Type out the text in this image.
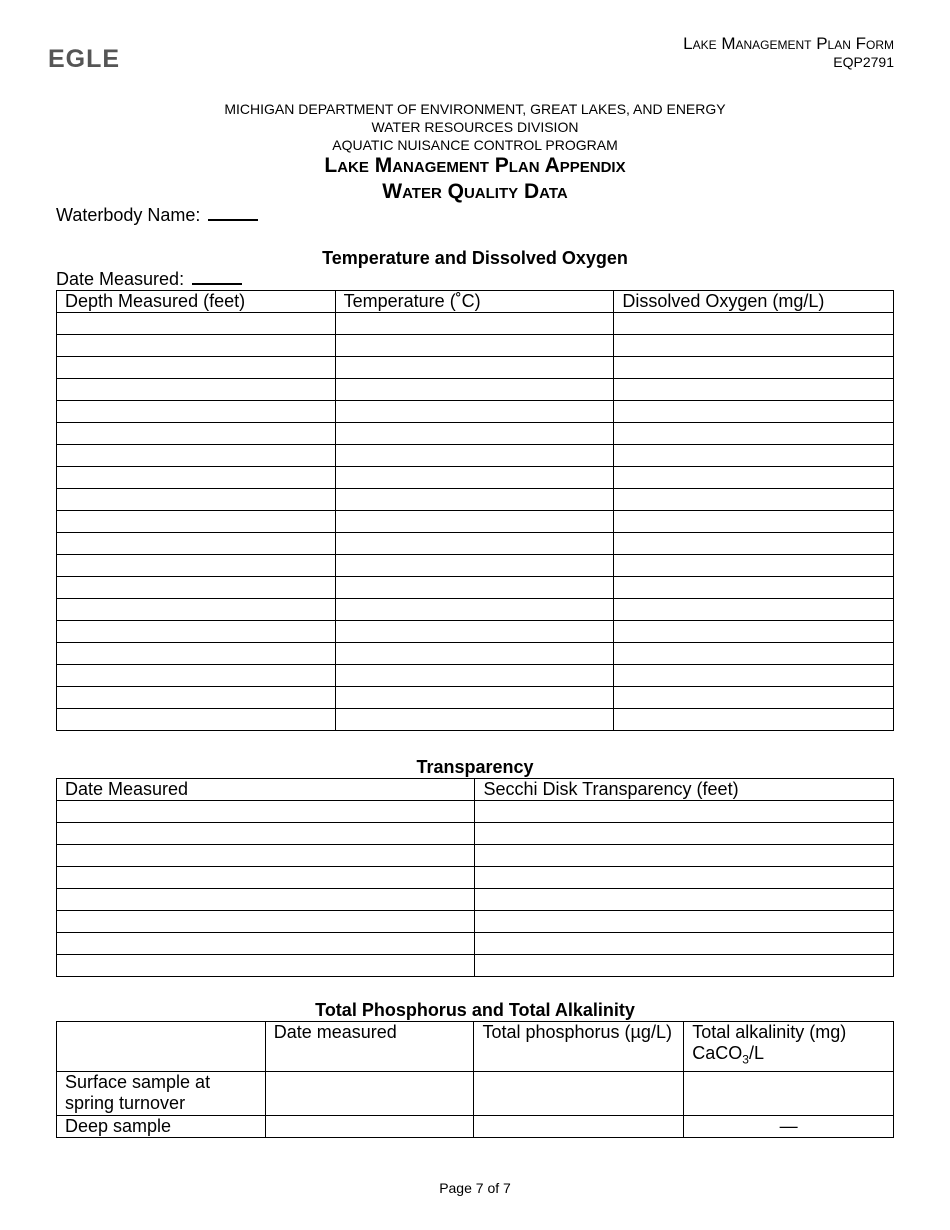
EGLE
Lake Management Plan Form
EQP2791
MICHIGAN DEPARTMENT OF ENVIRONMENT, GREAT LAKES, AND ENERGY
WATER RESOURCES DIVISION
AQUATIC NUISANCE CONTROL PROGRAM
Lake Management Plan Appendix
Water Quality Data
Waterbody Name:
Temperature and Dissolved Oxygen
Date Measured:
Depth Measured (feet)	Temperature (˚C)	Dissolved Oxygen (mg/L)

Transparency
Date Measured	Secchi Disk Transparency (feet)

Total Phosphorus and Total Alkalinity
	Date measured	Total phosphorus (µg/L)	Total alkalinity (mg) CaCO$_3$/L
Surface sample at spring turnover			
Deep sample			—
Page 7 of 7
